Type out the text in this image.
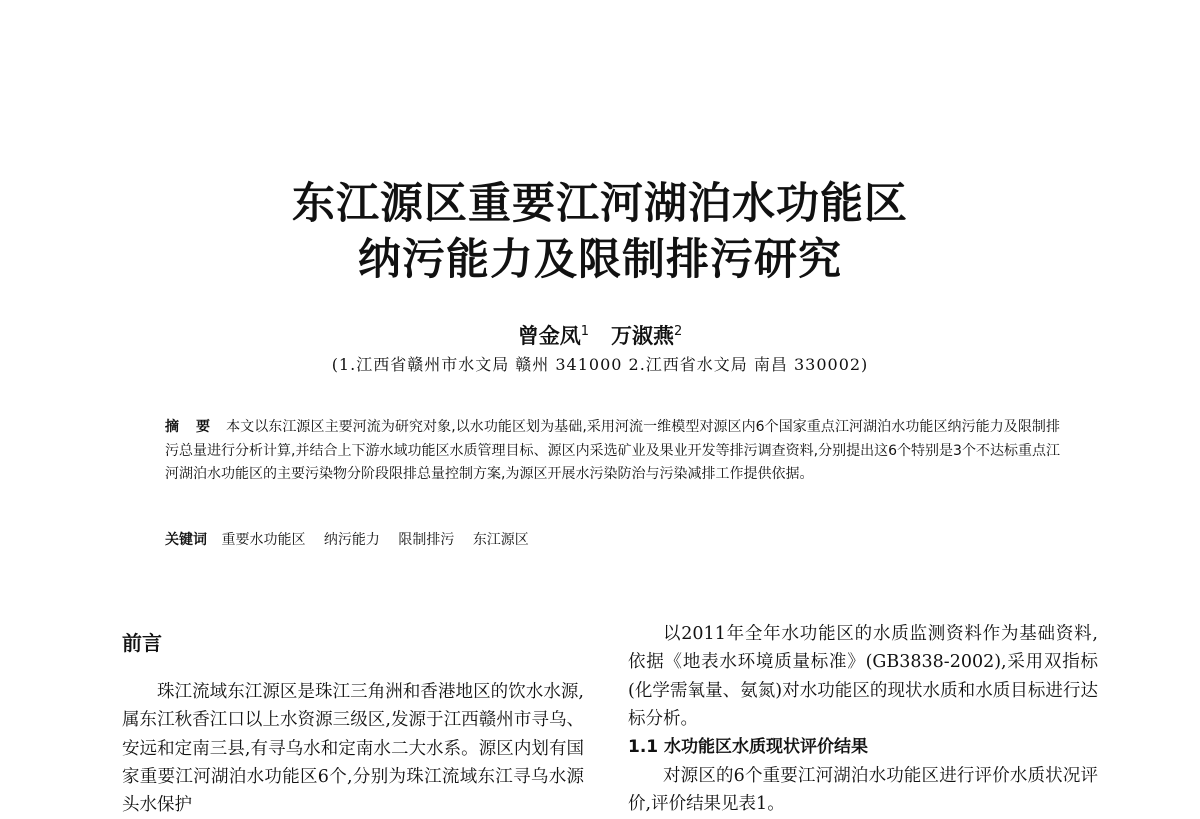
东江源区重要江河湖泊水功能区
纳污能力及限制排污研究
曾金凤$^1$ 万淑燕$^2$
(1.江西省赣州市水文局 赣州 341000 2.江西省水文局 南昌 330002)
摘 要 本文以东江源区主要河流为研究对象,以水功能区划为基础,采用河流一维模型对源区内6个国家重点江河湖泊水功能区纳污能力及限制排污总量进行分析计算,并结合上下游水域功能区水质管理目标、源区内采选矿业及果业开发等排污调查资料,分别提出这6个特别是3个不达标重点江河湖泊水功能区的主要污染物分阶段限排总量控制方案,为源区开展水污染防治与污染减排工作提供依据。
关键词 重要水功能区 纳污能力 限制排污 东江源区
前言

珠江流域东江源区是珠江三角洲和香港地区的饮水水源,属东江秋香江口以上水资源三级区,发源于江西赣州市寻乌、安远和定南三县,有寻乌水和定南水二大水系。源区内划有国家重要江河湖泊水功能区6个,分别为珠江流域东江寻乌水源头水保护

以2011年全年水功能区的水质监测资料作为基础资料,依据《地表水环境质量标准》(GB3838-2002),采用双指标(化学需氧量、氨氮)对水功能区的现状水质和水质目标进行达标分析。

1.1 水功能区水质现状评价结果

对源区的6个重要江河湖泊水功能区进行评价水质状况评价,评价结果见表1。
